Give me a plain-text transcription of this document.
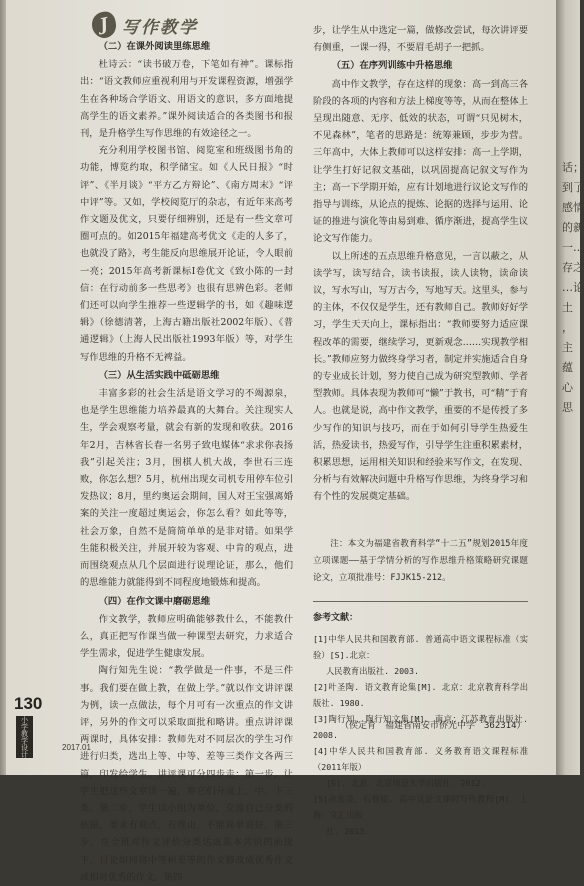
J 写作教学

（二）在课外阅读里练思维

杜诗云：“读书破万卷，下笔如有神”。课标指出：“语文教师应重视利用与开发课程资源，增强学生在各种场合学语文、用语文的意识，多方面地提高学生的语文素养。”课外阅读适合的各类图书和报刊，是升格学生写作思维的有效途径之一。

充分利用学校图书馆、阅览室和班级图书角的功能，博览约取，积学储宝。如《人民日报》“时评”、《半月谈》“平方乙方辩论”、《南方周末》“评中评”等。又如，学校阅览厅的杂志，有近年来高考作文题及优文，只要仔细辨别，还是有一些文章可圈可点的。如2015年福建高考优文《走的人多了，也就没了路》，考生能反向思维展开论证，令人眼前一亮；2015年高考新课标Ⅰ卷优文《致小陈的一封信：在行动前多一些思考》也很有思辨色彩。老师们还可以向学生推荐一些逻辑学的书，如《趣味逻辑》（徐德清著，上海古籍出版社2002年版）、《普通逻辑》（上海人民出版社1993年版）等，对学生写作思维的升格不无裨益。

（三）从生活实践中砥砺思维

丰富多彩的社会生活是语文学习的不竭源泉，也是学生思维能力培养最真的大舞台。关注现实人生，学会观察考量，就会有新的发现和收获。2016年2月，吉林省长春一名男子致电媒体“求求你表扬我”引起关注；3月，围棋人机大战，李世石三连败，你怎么想？5月，杭州出现女司机专用停车位引发热议；8月，里约奥运会期间，国人对王宝强离婚案的关注一度超过奥运会，你怎么看？如此等等，社会万象，自然不是简简单单的是非对错。如果学生能积极关注，并展开较为客观、中肯的观点，进而围绕观点从几个层面进行说理论证，那么，他们的思维能力就能得到不同程度地锻炼和提高。

（四）在作文课中磨砺思维

作文教学，教师应明确能够教什么，不能教什么，真正把写作课当做一种课型去研究，力求适合学生需求，促进学生健康发展。

陶行知先生说：“教学做是一件事，不是三件事。我们要在做上教，在做上学。”就以作文讲评课为例，读一点做法，每个月可有一次重点的作文讲评，另外的作文可以采取面批和略讲。重点讲评课两课时，具体安排：教师先对不同层次的学生习作进行归类，选出上等、中等、差等三类作文各两三篇，印发给学生。讲评课可分四步走：第一步，让学生把这些文章读一遍，将它们分成上、中、下三类。第二步，学生以小组为单位，交流自己分类的依据，要求有观点，有理由，不能简单说好。第三步，在全班对作文评价分类达成基本共识的前提下，讨论如何将中等和差等的作文修改成优秀作文或相对优秀的作文。第四

步，让学生从中选定一篇，做修改尝试，每次讲评要有侧重，一课一得，不要眉毛胡子一把抓。

（五）在序列训练中升格思维

高中作文教学，存在这样的现象：高一到高三各阶段的各项的内容和方法上梯度等等，从而在整体上呈现出随意、无序、低效的状态，可谓“只见树木，不见森林”，笔者的思路是：统筹兼顾，步步为营。三年高中，大体上教师可以这样安排：高一上学期，让学生打好记叙文基础，以巩固提高记叙文写作为主；高一下学期开始，应有计划地进行议论文写作的指导与训练，从论点的提炼、论据的选择与运用、论证的推进与演化等由易到难、循序渐进，提高学生议论文写作能力。

以上所述的五点思维升格意见，一言以蔽之，从读学写，读写结合，读书读报，读人读物，读命读议，写水写山，写万古今，写地写天。这里头，参与的主体，不仅仅是学生，还有教师自己。教师好好学习，学生天天向上，课标指出：“教师要努力适应课程改革的需要，继续学习，更新观念……实现教学相长。”教师应努力做终身学习者，制定并实施适合自身的专业成长计划，努力使自己成为研究型教师、学者型教师。具体表现为教师可“懒”于教书，可“精”于育人。也就是说，高中作文教学，重要的不是传授了多少写作的知识与技巧，而在于如何引导学生热爱生活，热爱读书，热爱写作，引导学生注重积累素材，积累思想，运用相关知识和经验来写作文，在发现、分析与有效解决问题中升格写作思维，为终身学习和有个性的发展奠定基础。

注：本文为福建省教育科学“十二五”规划2015年度立项课题——基于学情分析的写作思维升格策略研究课题论文，立项批准号：FJJK15-212。
参考文献：
[1]中华人民共和国教育部. 普通高中语文课程标准（实验）[S].北京：
人民教育出版社. 2003.
[2]叶圣陶. 语文教育论集[M]. 北京：北京教育科学出版社. 1980.
[3]陶行知. 陶行知文集[M]. 南京：江苏教育出版社. 2008.
[4]中华人民共和国教育部. 义务教育语文课程标准（2011年版）
[S]. 北京：北京师范大学出版社. 2012.
[5]俞发亮，石修银. 高中议论文课时写作教程[M]. 上海：文汇出版
社. 2013.
（侯定育　福建省南安市侨光中学　362314）
130
小学教学设计	2017.01
话；
到了
感情
的新
一…
存之
…论
土
，
主
蕴
心
思
